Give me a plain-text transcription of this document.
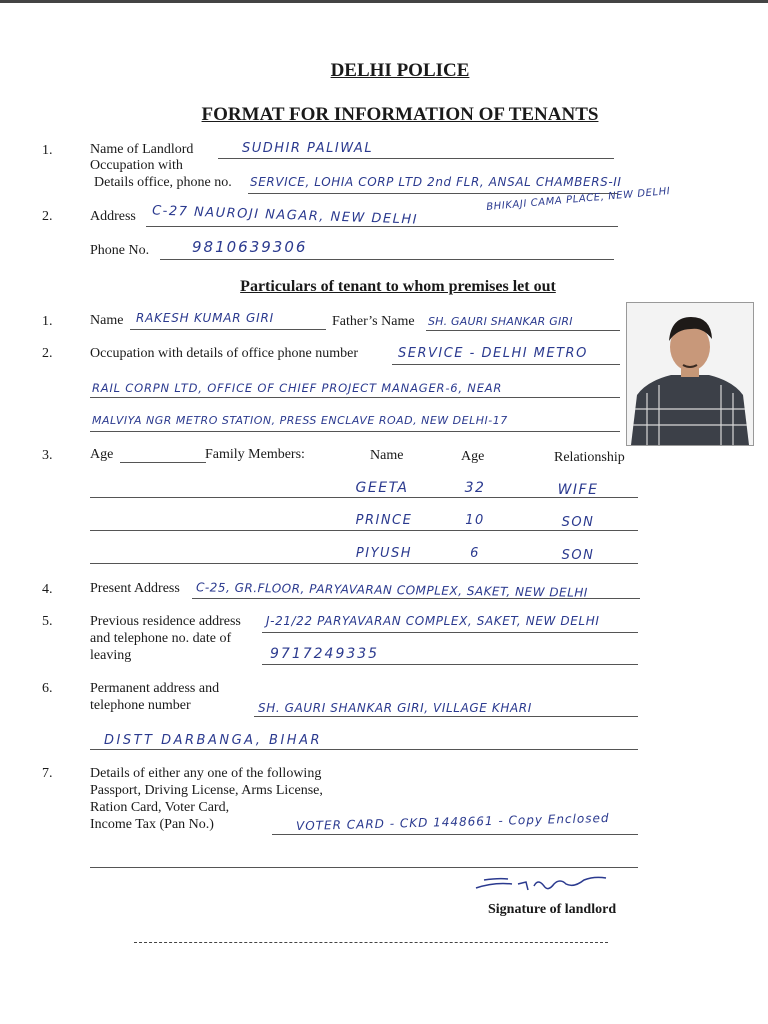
DELHI POLICE
FORMAT FOR INFORMATION OF TENANTS
1.	Name of Landlord	SUDHIR PALIWAL
Occupation with
Details office, phone no. SERVICE, LOHIA CORP LTD 2nd FLR, ANSAL CHAMBERS-II
BHIKAJI CAMA PLACE, NEW DELHI
2.	Address C-27 NAUROJI NAGAR, NEW DELHI
Phone No.	9810639306
Particulars of tenant to whom premises let out
1.	Name RAKESH KUMAR GIRI	Father’s Name SH. GAURI SHANKAR GIRI
2.	Occupation with details of office phone number	SERVICE - DELHI METRO
RAIL CORPN LTD, OFFICE OF CHIEF PROJECT MANAGER-6, NEAR
MALVIYA NGR METRO STATION, PRESS ENCLAVE ROAD, NEW DELHI-17
3.	Age	Family Members:	Name	Age	Relationship
GEETA	32	WIFE
PRINCE	10	SON
PIYUSH	6	SON
4.	Present Address C-25, GR.FLOOR, PARYAVARAN COMPLEX, SAKET, NEW DELHI
5.	Previous residence address
and telephone no. date of
leaving
J-21/22 PARYAVARAN COMPLEX, SAKET, NEW DELHI
9717249335
6.	Permanent address and
telephone number	SH. GAURI SHANKAR GIRI, VILLAGE KHARI
DISTT DARBANGA, BIHAR
7.	Details of either any one of the following
Passport, Driving License, Arms License,
Ration Card, Voter Card,
Income Tax (Pan No.)	VOTER CARD - CKD 1448661 - Copy Enclosed
Signature of landlord
